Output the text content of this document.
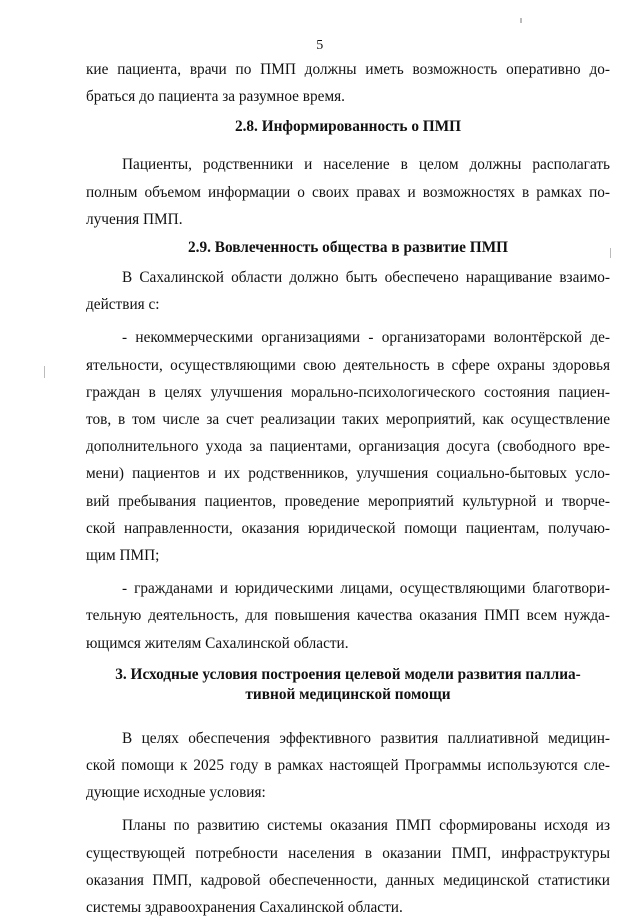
5
кие пациента, врачи по ПМП должны иметь возможность оперативно до-
браться до пациента за разумное время.
2.8. Информированность о ПМП
Пациенты, родственники и население в целом должны располагать
полным объемом информации о своих правах и возможностях в рамках по-
лучения ПМП.
2.9. Вовлеченность общества в развитие ПМП
В Сахалинской области должно быть обеспечено наращивание взаимо-
действия с:
- некоммерческими организациями - организаторами волонтёрской де-
ятельности, осуществляющими свою деятельность в сфере охраны здоровья
граждан в целях улучшения морально-психологического состояния пациен-
тов, в том числе за счет реализации таких мероприятий, как осуществление
дополнительного ухода за пациентами, организация досуга (свободного вре-
мени) пациентов и их родственников, улучшения социально-бытовых усло-
вий пребывания пациентов, проведение мероприятий культурной и творче-
ской направленности, оказания юридической помощи пациентам, получаю-
щим ПМП;
- гражданами и юридическими лицами, осуществляющими благотвори-
тельную деятельность, для повышения качества оказания ПМП всем нужда-
ющимся жителям Сахалинской области.
3. Исходные условия построения целевой модели развития паллиа-
тивной медицинской помощи
В целях обеспечения эффективного развития паллиативной медицин-
ской помощи к 2025 году в рамках настоящей Программы используются сле-
дующие исходные условия:
Планы по развитию системы оказания ПМП сформированы исходя из
существующей потребности населения в оказании ПМП, инфраструктуры
оказания ПМП, кадровой обеспеченности, данных медицинской статистики
системы здравоохранения Сахалинской области.
